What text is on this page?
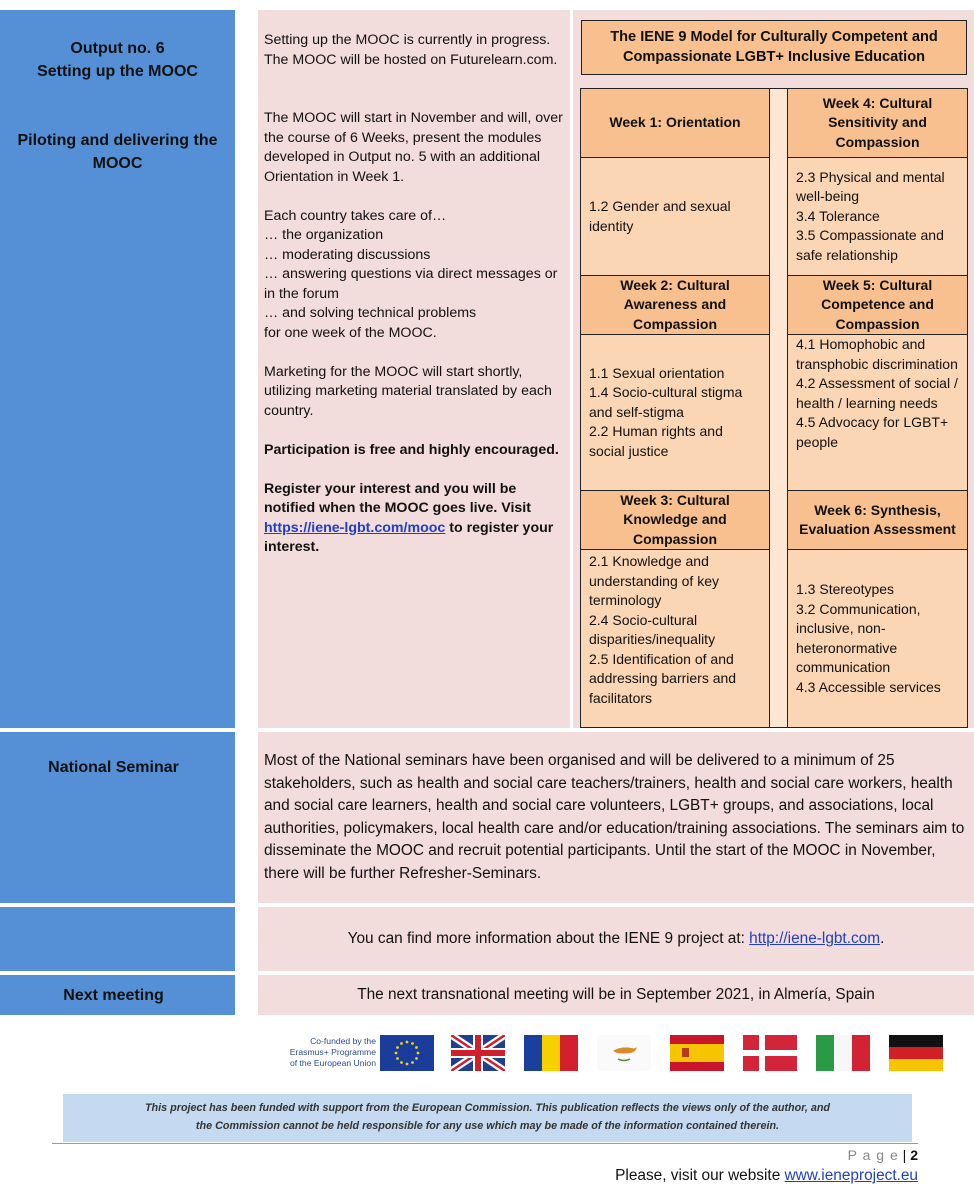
Output no. 6
Setting up the MOOC
Piloting and delivering the MOOC

Setting up the MOOC is currently in progress. The MOOC will be hosted on Futurelearn.com.

The MOOC will start in November and will, over the course of 6 Weeks, present the modules developed in Output no. 5 with an additional Orientation in Week 1.

Each country takes care of…
… the organization
… moderating discussions
… answering questions via direct messages or in the forum
… and solving technical problems
for one week of the MOOC.

Marketing for the MOOC will start shortly, utilizing marketing material translated by each country.

Participation is free and highly encouraged.

Register your interest and you will be notified when the MOOC goes live. Visit https://iene-lgbt.com/mooc to register your interest.

The IENE 9 Model for Culturally Competent and Compassionate LGBT+ Inclusive Education
Week 1: Orientation
1.2 Gender and sexual identity
Week 2: Cultural Awareness and Compassion
1.1 Sexual orientation
1.4 Socio-cultural stigma and self-stigma
2.2 Human rights and social justice
Week 3: Cultural Knowledge and Compassion
2.1 Knowledge and understanding of key terminology
2.4 Socio-cultural disparities/inequality
2.5 Identification of and addressing barriers and facilitators
Week 4: Cultural Sensitivity and Compassion
2.3 Physical and mental well-being
3.4 Tolerance
3.5 Compassionate and safe relationship
Week 5: Cultural Competence and Compassion
4.1 Homophobic and transphobic discrimination
4.2 Assessment of social / health / learning needs
4.5 Advocacy for LGBT+ people
Week 6: Synthesis, Evaluation Assessment
1.3 Stereotypes
3.2 Communication, inclusive, non-heteronormative communication
4.3 Accessible services
National Seminar	Most of the National seminars have been organised and will be delivered to a minimum of 25 stakeholders, such as health and social care teachers/trainers, health and social care workers, health and social care learners, health and social care volunteers, LGBT+ groups, and associations, local authorities, policymakers, local health care and/or education/training associations. The seminars aim to disseminate the MOOC and recruit potential participants. Until the start of the MOOC in November, there will be further Refresher-Seminars.
You can find more information about the IENE 9 project at: http://iene-lgbt.com.
Next meeting	The next transnational meeting will be in September 2021, in Almería, Spain
Co-funded by the
Erasmus+ Programme
of the European Union
This project has been funded with support from the European Commission. This publication reflects the views only of the author, and
the Commission cannot be held responsible for any use which may be made of the information contained therein.
P a g e | 2
Please, visit our website www.ieneproject.eu
